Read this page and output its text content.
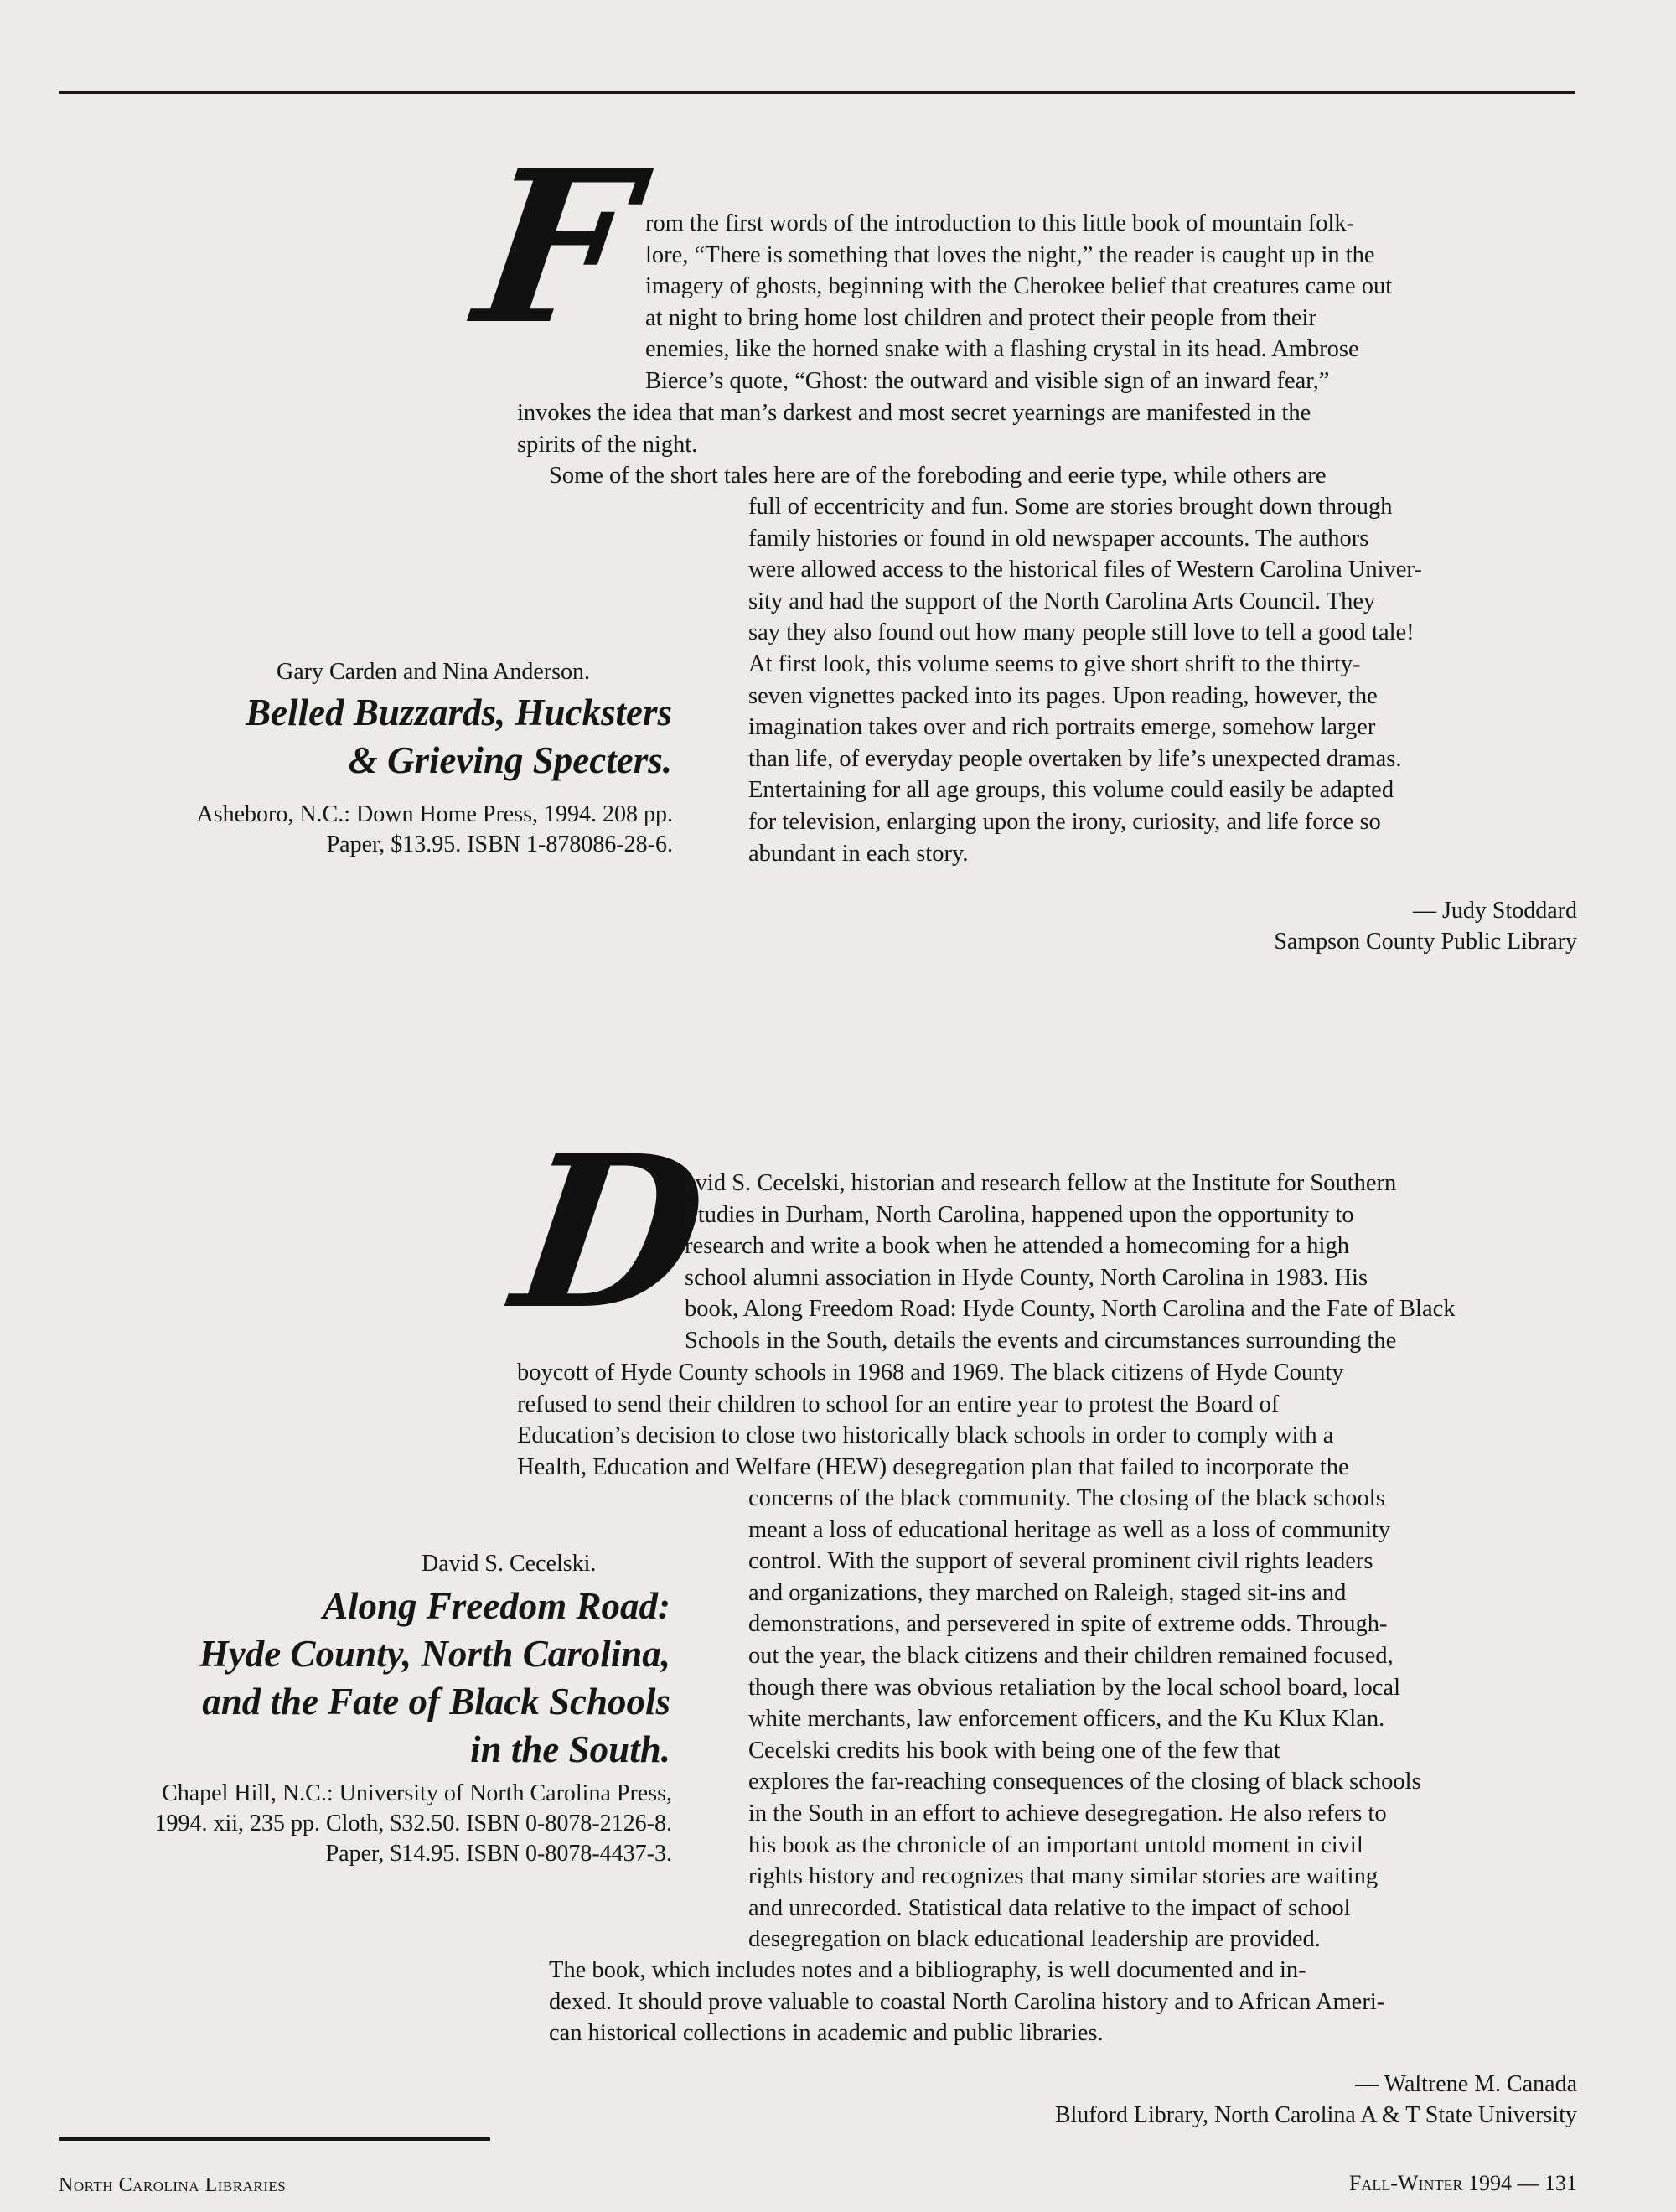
F
rom the first words of the introduction to this little book of mountain folk-
lore, “There is something that loves the night,” the reader is caught up in the
imagery of ghosts, beginning with the Cherokee belief that creatures came out
at night to bring home lost children and protect their people from their
enemies, like the horned snake with a flashing crystal in its head. Ambrose
Bierce’s quote, “Ghost: the outward and visible sign of an inward fear,”
invokes the idea that man’s darkest and most secret yearnings are manifested in the
spirits of the night.
Some of the short tales here are of the foreboding and eerie type, while others are
full of eccentricity and fun. Some are stories brought down through
family histories or found in old newspaper accounts. The authors
were allowed access to the historical files of Western Carolina Univer-
sity and had the support of the North Carolina Arts Council. They
say they also found out how many people still love to tell a good tale!
At first look, this volume seems to give short shrift to the thirty-
seven vignettes packed into its pages. Upon reading, however, the
imagination takes over and rich portraits emerge, somehow larger
than life, of everyday people overtaken by life’s unexpected dramas.
Entertaining for all age groups, this volume could easily be adapted
for television, enlarging upon the irony, curiosity, and life force so
abundant in each story.
Gary Carden and Nina Anderson.
Belled Buzzards, Hucksters
& Grieving Specters.
Asheboro, N.C.: Down Home Press, 1994. 208 pp.
Paper, $13.95. ISBN 1-878086-28-6.
— Judy Stoddard
Sampson County Public Library
D
avid S. Cecelski, historian and research fellow at the Institute for Southern
Studies in Durham, North Carolina, happened upon the opportunity to
research and write a book when he attended a homecoming for a high
school alumni association in Hyde County, North Carolina in 1983. His
book, Along Freedom Road: Hyde County, North Carolina and the Fate of Black
Schools in the South, details the events and circumstances surrounding the
boycott of Hyde County schools in 1968 and 1969. The black citizens of Hyde County
refused to send their children to school for an entire year to protest the Board of
Education’s decision to close two historically black schools in order to comply with a
Health, Education and Welfare (HEW) desegregation plan that failed to incorporate the
concerns of the black community. The closing of the black schools
meant a loss of educational heritage as well as a loss of community
control. With the support of several prominent civil rights leaders
and organizations, they marched on Raleigh, staged sit-ins and
demonstrations, and persevered in spite of extreme odds. Through-
out the year, the black citizens and their children remained focused,
though there was obvious retaliation by the local school board, local
white merchants, law enforcement officers, and the Ku Klux Klan.
Cecelski credits his book with being one of the few that
explores the far-reaching consequences of the closing of black schools
in the South in an effort to achieve desegregation. He also refers to
his book as the chronicle of an important untold moment in civil
rights history and recognizes that many similar stories are waiting
and unrecorded. Statistical data relative to the impact of school
desegregation on black educational leadership are provided.
The book, which includes notes and a bibliography, is well documented and in-
dexed. It should prove valuable to coastal North Carolina history and to African Ameri-
can historical collections in academic and public libraries.
David S. Cecelski.
Along Freedom Road:
Hyde County, North Carolina,
and the Fate of Black Schools
in the South.
Chapel Hill, N.C.: University of North Carolina Press,
1994. xii, 235 pp. Cloth, $32.50. ISBN 0-8078-2126-8.
Paper, $14.95. ISBN 0-8078-4437-3.
— Waltrene M. Canada
Bluford Library, North Carolina A & T State University
North Carolina Libraries	Fall-Winter 1994 — 131
